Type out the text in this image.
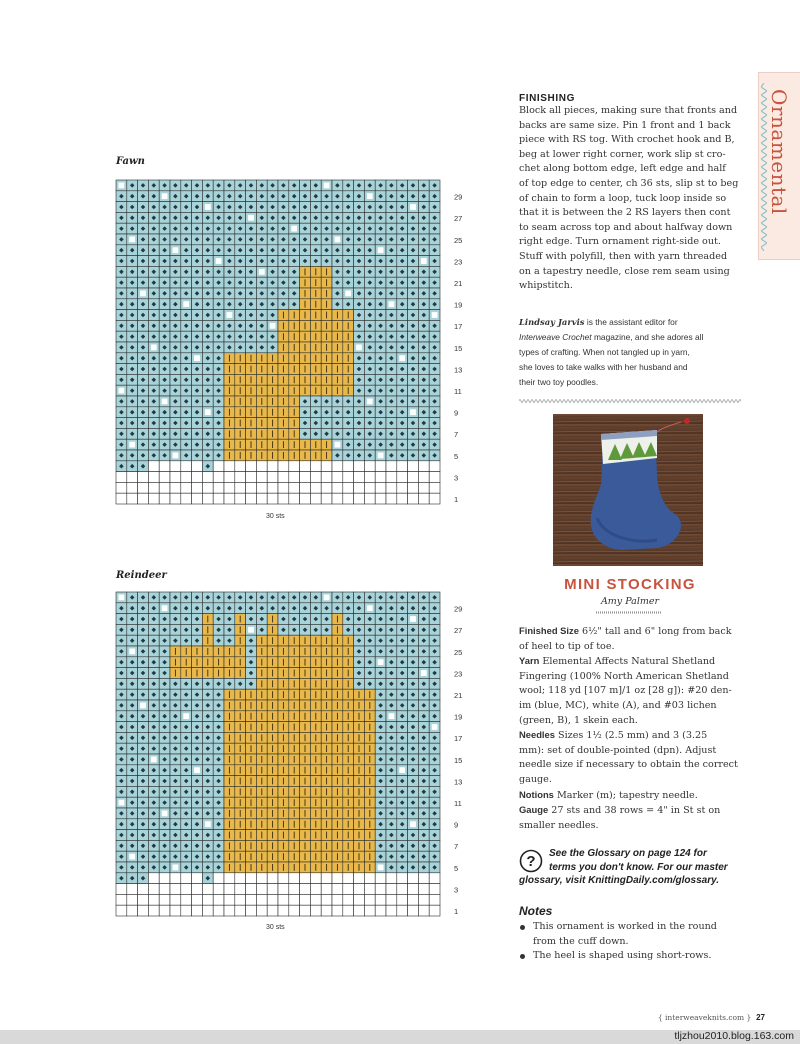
Fawn
29
27
25
23
21
19
17
15
13
11
9
7
5
3
1
30 sts
Reindeer
29
27
25
23
21
19
17
15
13
11
9
7
5
3
1
30 sts
Ornamental
FINISHING
Block all pieces, making sure that fronts and
backs are same size. Pin 1 front and 1 back
piece with RS tog. With crochet hook and B,
beg at lower right corner, work slip st cro-
chet along bottom edge, left edge and half
of top edge to center, ch 36 sts, slip st to beg
of chain to form a loop, tuck loop inside so
that it is between the 2 RS layers then cont
to seam across top and about halfway down
right edge. Turn ornament right-side out.
Stuff with polyfill, then with yarn threaded
on a tapestry needle, close rem seam using
whipstitch.
Lindsay Jarvis is the assistant editor for
Interweave Crochet magazine, and she adores all
types of crafting. When not tangled up in yarn,
she loves to take walks with her husband and
their two toy poodles.
MINI STOCKING
Amy Palmer
Finished Size 6½" tall and 6" long from back
of heel to tip of toe.
Yarn Elemental Affects Natural Shetland
Fingering (100% North American Shetland
wool; 118 yd [107 m]/1 oz [28 g]): #20 den-
im (blue, MC), white (A), and #03 lichen
(green, B), 1 skein each.
Needles Sizes 1½ (2.5 mm) and 3 (3.25
mm): set of double-pointed (dpn). Adjust
needle size if necessary to obtain the correct
gauge.
Notions Marker (m); tapestry needle.
Gauge 27 sts and 38 rows = 4" in St st on
smaller needles.
?	See the Glossary on page 124 for
terms you don't know. For our master
glossary, visit KnittingDaily.com/glossary.
Notes
This ornament is worked in the round
from the cuff down.
The heel is shaped using short-rows.
{ interweaveknits.com } 27
tljzhou2010.blog.163.com
